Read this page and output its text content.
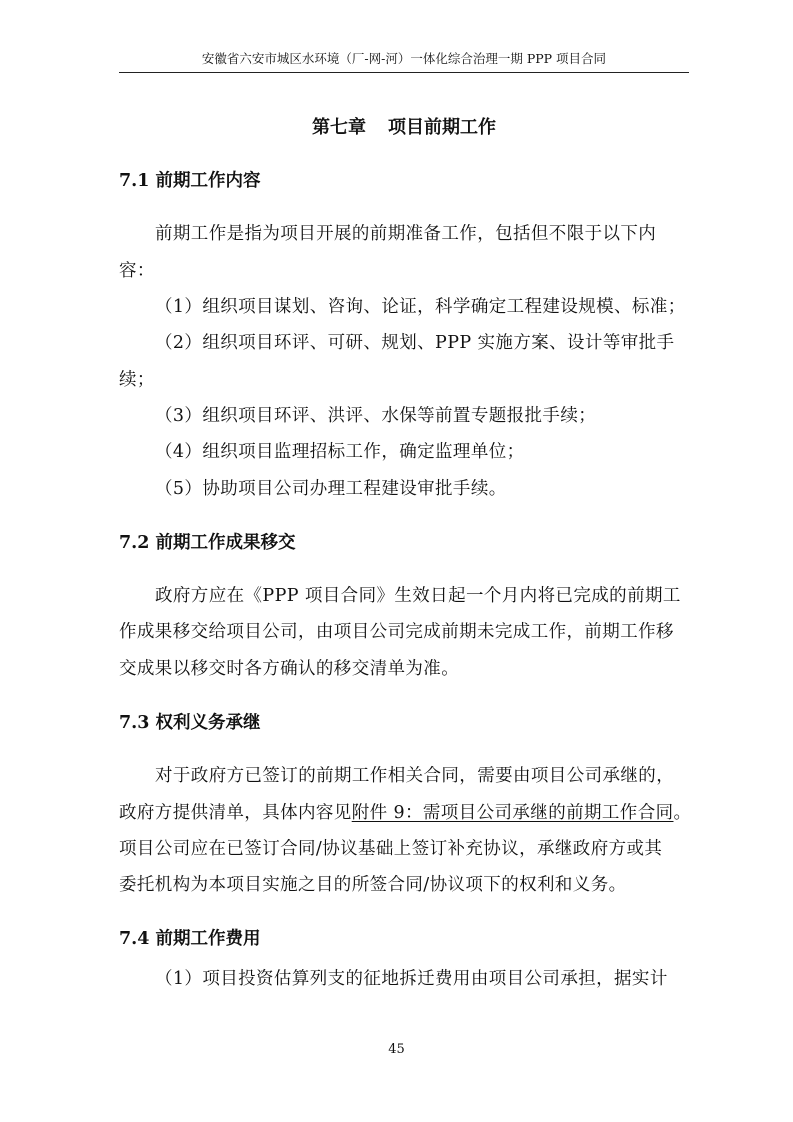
安徽省六安市城区水环境（厂-网-河）一体化综合治理一期 PPP 项目合同
第七章 项目前期工作
7.1 前期工作内容
前期工作是指为项目开展的前期准备工作，包括但不限于以下内
容：
（1）组织项目谋划、咨询、论证，科学确定工程建设规模、标准；
（2）组织项目环评、可研、规划、PPP 实施方案、设计等审批手
续；
（3）组织项目环评、洪评、水保等前置专题报批手续；
（4）组织项目监理招标工作，确定监理单位；
（5）协助项目公司办理工程建设审批手续。
7.2 前期工作成果移交
政府方应在《PPP 项目合同》生效日起一个月内将已完成的前期工
作成果移交给项目公司，由项目公司完成前期未完成工作，前期工作移
交成果以移交时各方确认的移交清单为准。
7.3 权利义务承继
对于政府方已签订的前期工作相关合同，需要由项目公司承继的，
政府方提供清单，具体内容见附件 9：需项目公司承继的前期工作合同。
项目公司应在已签订合同/协议基础上签订补充协议，承继政府方或其
委托机构为本项目实施之目的所签合同/协议项下的权利和义务。
7.4 前期工作费用
（1）项目投资估算列支的征地拆迁费用由项目公司承担，据实计
45
